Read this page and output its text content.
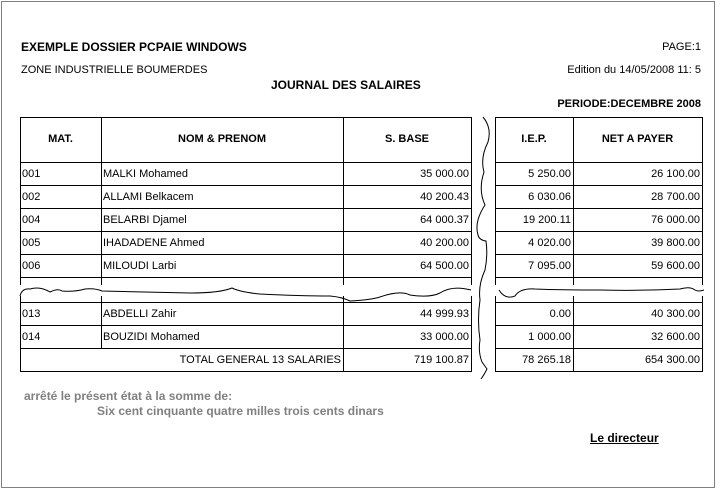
EXEMPLE DOSSIER PCPAIE WINDOWS	PAGE:1
ZONE INDUSTRIELLE BOUMERDES	Edition du 14/05/2008 11: 5
JOURNAL DES SALAIRES
PERIODE:DECEMBRE 2008
MAT.	NOM & PRENOM	S. BASE	I.E.P.	NET A PAYER
001	MALKI Mohamed	35 000.00	5 250.00	26 100.00
002	ALLAMI Belkacem	40 200.43	6 030.06	28 700.00
004	BELARBI Djamel	64 000.37	19 200.11	76 000.00
005	IHADADENE Ahmed	40 200.00	4 020.00	39 800.00
006	MILOUDI Larbi	64 500.00	7 095.00	59 600.00
013	ABDELLI Zahir	44 999.93	0.00	40 300.00
014	BOUZIDI Mohamed	33 000.00	1 000.00	32 600.00
TOTAL GENERAL 13 SALARIES	719 100.87	78 265.18	654 300.00
arrêté le présent état à la somme de:
Six cent cinquante quatre milles trois cents dinars
Le directeur
